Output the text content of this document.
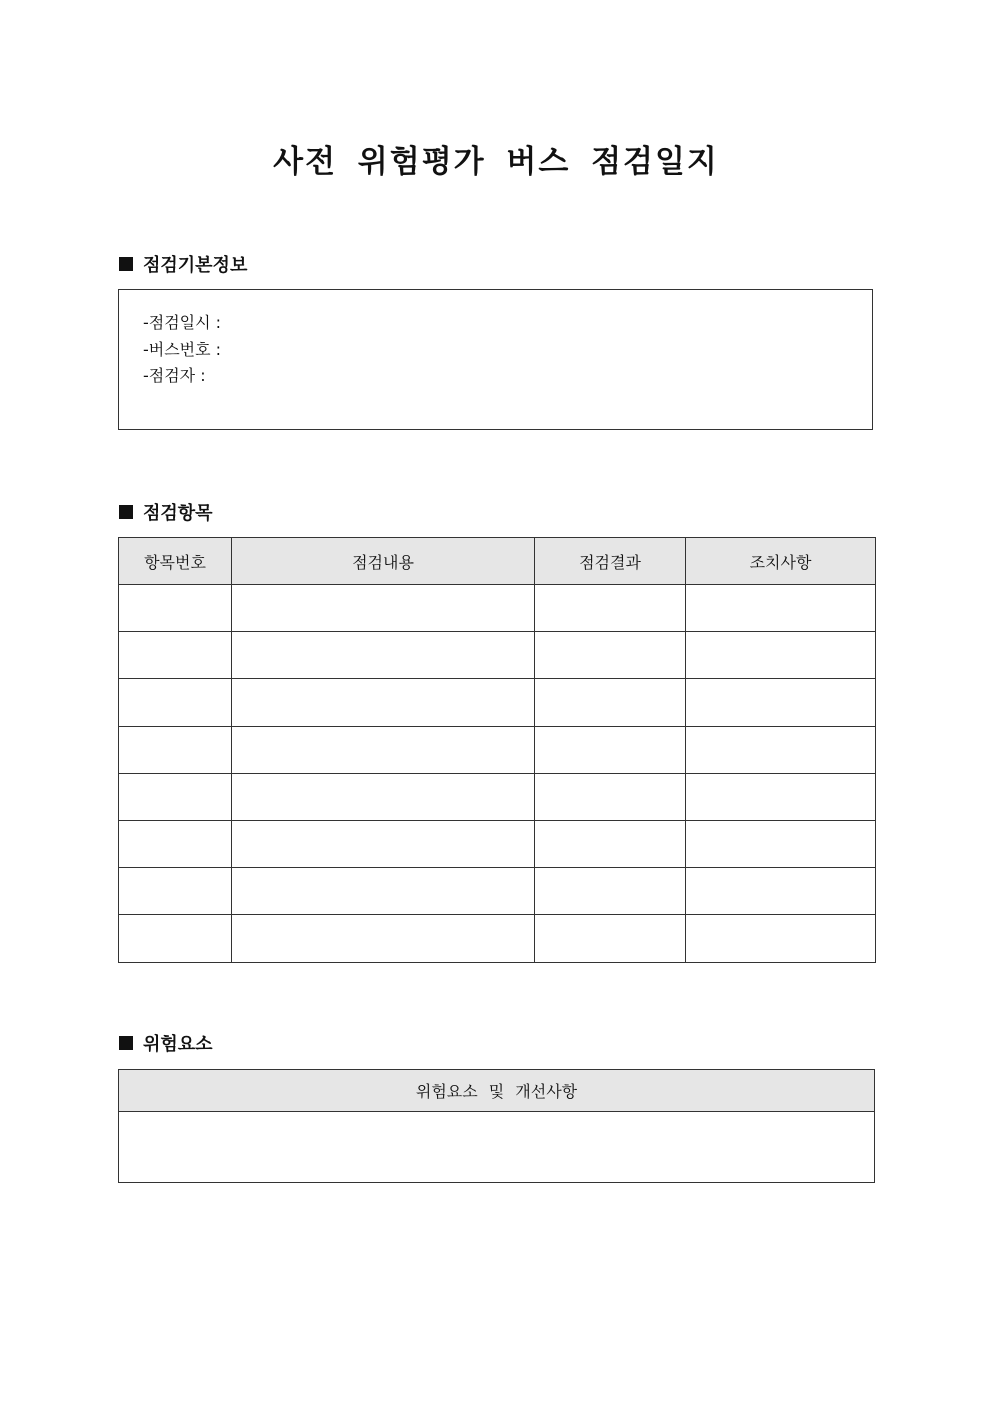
사전 위험평가 버스 점검일지
점검기본정보
-점검일시 :
-버스번호 :
-점검자 :
점검항목
항목번호	점검내용	점검결과	조치사항

위험요소
위험요소 및 개선사항
